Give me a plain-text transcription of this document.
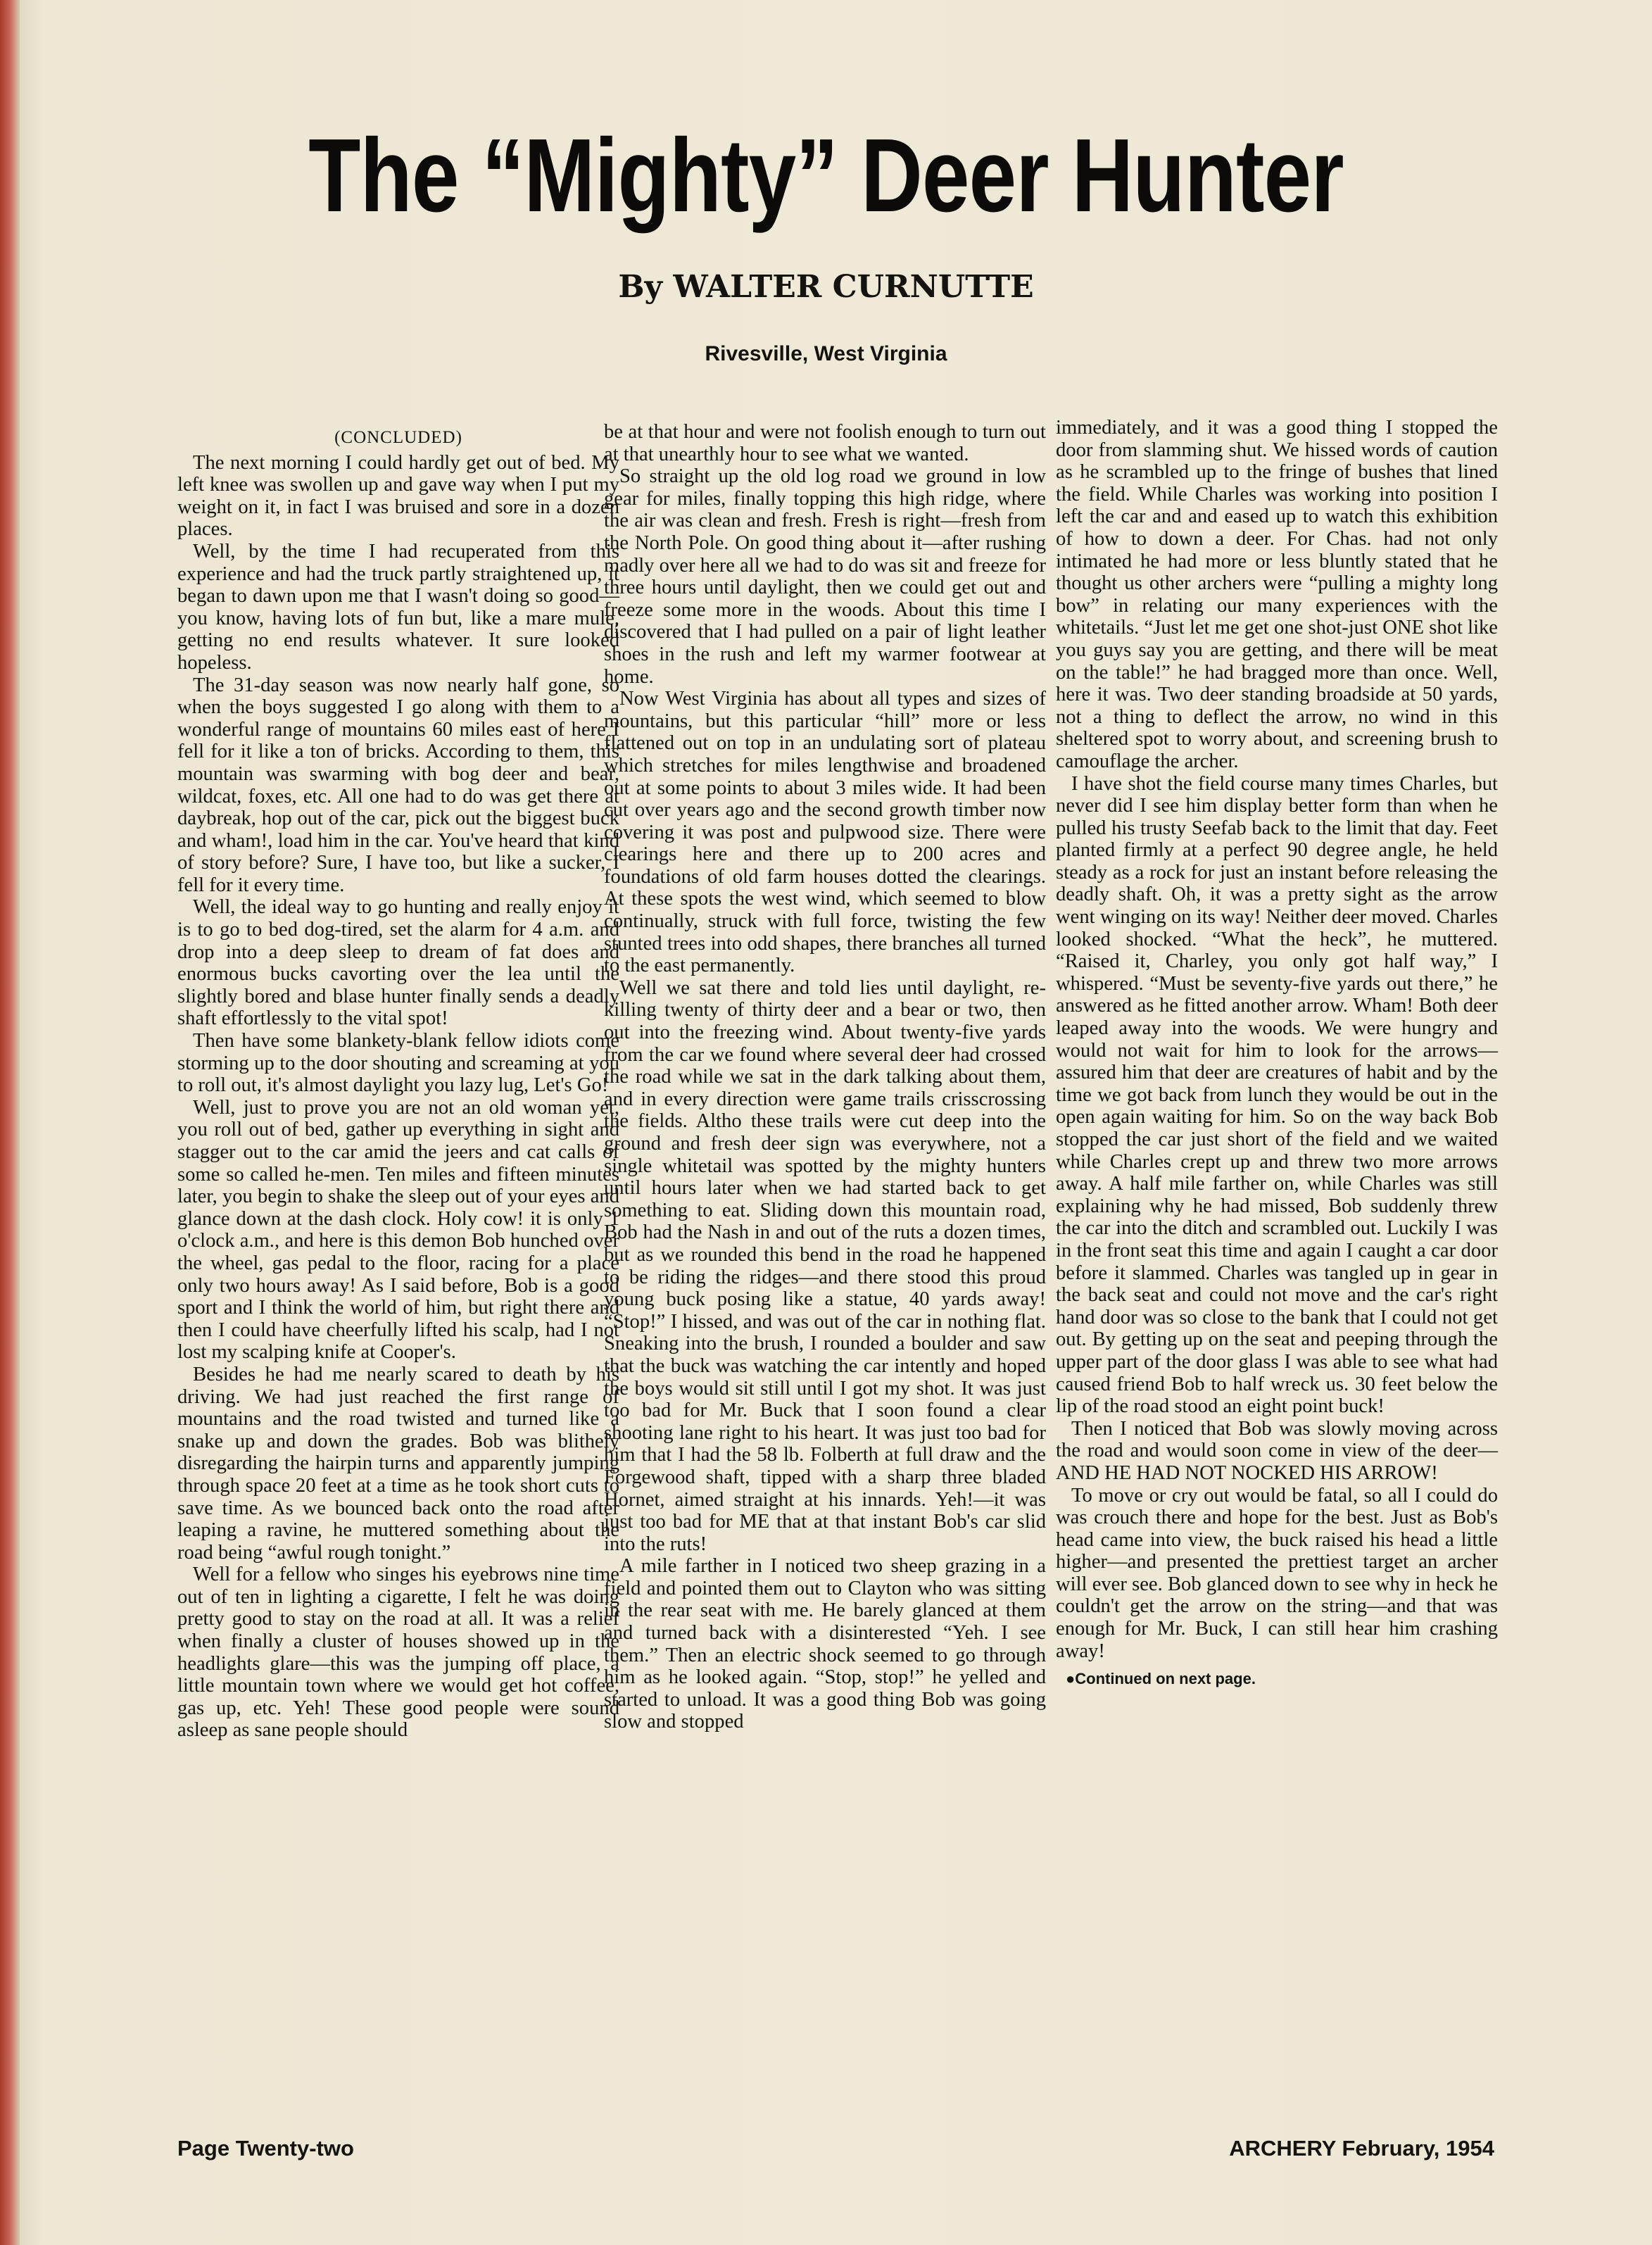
The “Mighty” Deer Hunter
By WALTER CURNUTTE
Rivesville, West Virginia
(CONCLUDED)

The next morning I could hardly get out of bed. My left knee was swollen up and gave way when I put my weight on it, in fact I was bruised and sore in a dozen places.

Well, by the time I had recuperated from this experience and had the truck partly straightened up, it began to dawn upon me that I wasn't doing so good—you know, having lots of fun but, like a mare mule, getting no end results whatever. It sure looked hopeless.

The 31-day season was now nearly half gone, so when the boys suggested I go along with them to a wonderful range of mountains 60 miles east of here I fell for it like a ton of bricks. According to them, this mountain was swarming with bog deer and bear, wildcat, foxes, etc. All one had to do was get there at daybreak, hop out of the car, pick out the biggest buck and wham!, load him in the car. You've heard that kind of story before? Sure, I have too, but like a sucker, I fell for it every time.

Well, the ideal way to go hunting and really enjoy it is to go to bed dog-tired, set the alarm for 4 a.m. and drop into a deep sleep to dream of fat does and enormous bucks cavorting over the lea until the slightly bored and blase hunter finally sends a deadly shaft effortlessly to the vital spot!

Then have some blankety-blank fellow idiots come storming up to the door shouting and screaming at you to roll out, it's almost daylight you lazy lug, Let's Go!

Well, just to prove you are not an old woman yet, you roll out of bed, gather up everything in sight and stagger out to the car amid the jeers and cat calls of some so called he-men. Ten miles and fifteen minutes later, you begin to shake the sleep out of your eyes and glance down at the dash clock. Holy cow! it is only 1 o'clock a.m., and here is this demon Bob hunched over the wheel, gas pedal to the floor, racing for a place only two hours away! As I said before, Bob is a good sport and I think the world of him, but right there and then I could have cheerfully lifted his scalp, had I not lost my scalping knife at Cooper's.

Besides he had me nearly scared to death by his driving. We had just reached the first range of mountains and the road twisted and turned like a snake up and down the grades. Bob was blithely disregarding the hairpin turns and apparently jumping through space 20 feet at a time as he took short cuts to save time. As we bounced back onto the road after leaping a ravine, he muttered something about the road being “awful rough tonight.”

Well for a fellow who singes his eyebrows nine time out of ten in lighting a cigarette, I felt he was doing pretty good to stay on the road at all. It was a relief when finally a cluster of houses showed up in the headlights glare—this was the jumping off place, a little mountain town where we would get hot coffee, gas up, etc. Yeh! These good people were sound asleep as sane people should

be at that hour and were not foolish enough to turn out at that unearthly hour to see what we wanted.

So straight up the old log road we ground in low gear for miles, finally topping this high ridge, where the air was clean and fresh. Fresh is right—fresh from the North Pole. On good thing about it—after rushing madly over here all we had to do was sit and freeze for three hours until daylight, then we could get out and freeze some more in the woods. About this time I discovered that I had pulled on a pair of light leather shoes in the rush and left my warmer footwear at home.

Now West Virginia has about all types and sizes of mountains, but this particular “hill” more or less flattened out on top in an undulating sort of plateau which stretches for miles lengthwise and broadened out at some points to about 3 miles wide. It had been cut over years ago and the second growth timber now covering it was post and pulpwood size. There were clearings here and there up to 200 acres and foundations of old farm houses dotted the clearings. At these spots the west wind, which seemed to blow continually, struck with full force, twisting the few stunted trees into odd shapes, there branches all turned to the east permanently.

Well we sat there and told lies until daylight, re-killing twenty of thirty deer and a bear or two, then out into the freezing wind. About twenty-five yards from the car we found where several deer had crossed the road while we sat in the dark talking about them, and in every direction were game trails crisscrossing the fields. Altho these trails were cut deep into the ground and fresh deer sign was everywhere, not a single whitetail was spotted by the mighty hunters until hours later when we had started back to get something to eat. Sliding down this mountain road, Bob had the Nash in and out of the ruts a dozen times, but as we rounded this bend in the road he happened to be riding the ridges—and there stood this proud young buck posing like a statue, 40 yards away! “Stop!” I hissed, and was out of the car in nothing flat. Sneaking into the brush, I rounded a boulder and saw that the buck was watching the car intently and hoped the boys would sit still until I got my shot. It was just too bad for Mr. Buck that I soon found a clear shooting lane right to his heart. It was just too bad for him that I had the 58 lb. Folberth at full draw and the Forgewood shaft, tipped with a sharp three bladed Hornet, aimed straight at his innards. Yeh!—it was just too bad for ME that at that instant Bob's car slid into the ruts!

A mile farther in I noticed two sheep grazing in a field and pointed them out to Clayton who was sitting in the rear seat with me. He barely glanced at them and turned back with a disinterested “Yeh. I see them.” Then an electric shock seemed to go through him as he looked again. “Stop, stop!” he yelled and started to unload. It was a good thing Bob was going slow and stopped

immediately, and it was a good thing I stopped the door from slamming shut. We hissed words of caution as he scrambled up to the fringe of bushes that lined the field. While Charles was working into position I left the car and and eased up to watch this exhibition of how to down a deer. For Chas. had not only intimated he had more or less bluntly stated that he thought us other archers were “pulling a mighty long bow” in relating our many experiences with the whitetails. “Just let me get one shot-just ONE shot like you guys say you are getting, and there will be meat on the table!” he had bragged more than once. Well, here it was. Two deer standing broadside at 50 yards, not a thing to deflect the arrow, no wind in this sheltered spot to worry about, and screening brush to camouflage the archer.

I have shot the field course many times Charles, but never did I see him display better form than when he pulled his trusty Seefab back to the limit that day. Feet planted firmly at a perfect 90 degree angle, he held steady as a rock for just an instant before releasing the deadly shaft. Oh, it was a pretty sight as the arrow went winging on its way! Neither deer moved. Charles looked shocked. “What the heck”, he muttered. “Raised it, Charley, you only got half way,” I whispered. “Must be seventy-five yards out there,” he answered as he fitted another arrow. Wham! Both deer leaped away into the woods. We were hungry and would not wait for him to look for the arrows—assured him that deer are creatures of habit and by the time we got back from lunch they would be out in the open again waiting for him. So on the way back Bob stopped the car just short of the field and we waited while Charles crept up and threw two more arrows away. A half mile farther on, while Charles was still explaining why he had missed, Bob suddenly threw the car into the ditch and scrambled out. Luckily I was in the front seat this time and again I caught a car door before it slammed. Charles was tangled up in gear in the back seat and could not move and the car's right hand door was so close to the bank that I could not get out. By getting up on the seat and peeping through the upper part of the door glass I was able to see what had caused friend Bob to half wreck us. 30 feet below the lip of the road stood an eight point buck!

Then I noticed that Bob was slowly moving across the road and would soon come in view of the deer—AND HE HAD NOT NOCKED HIS ARROW!

To move or cry out would be fatal, so all I could do was crouch there and hope for the best. Just as Bob's head came into view, the buck raised his head a little higher—and presented the prettiest target an archer will ever see. Bob glanced down to see why in heck he couldn't get the arrow on the string—and that was enough for Mr. Buck, I can still hear him crashing away!

●Continued on next page.
Page Twenty-two	ARCHERY February, 1954
